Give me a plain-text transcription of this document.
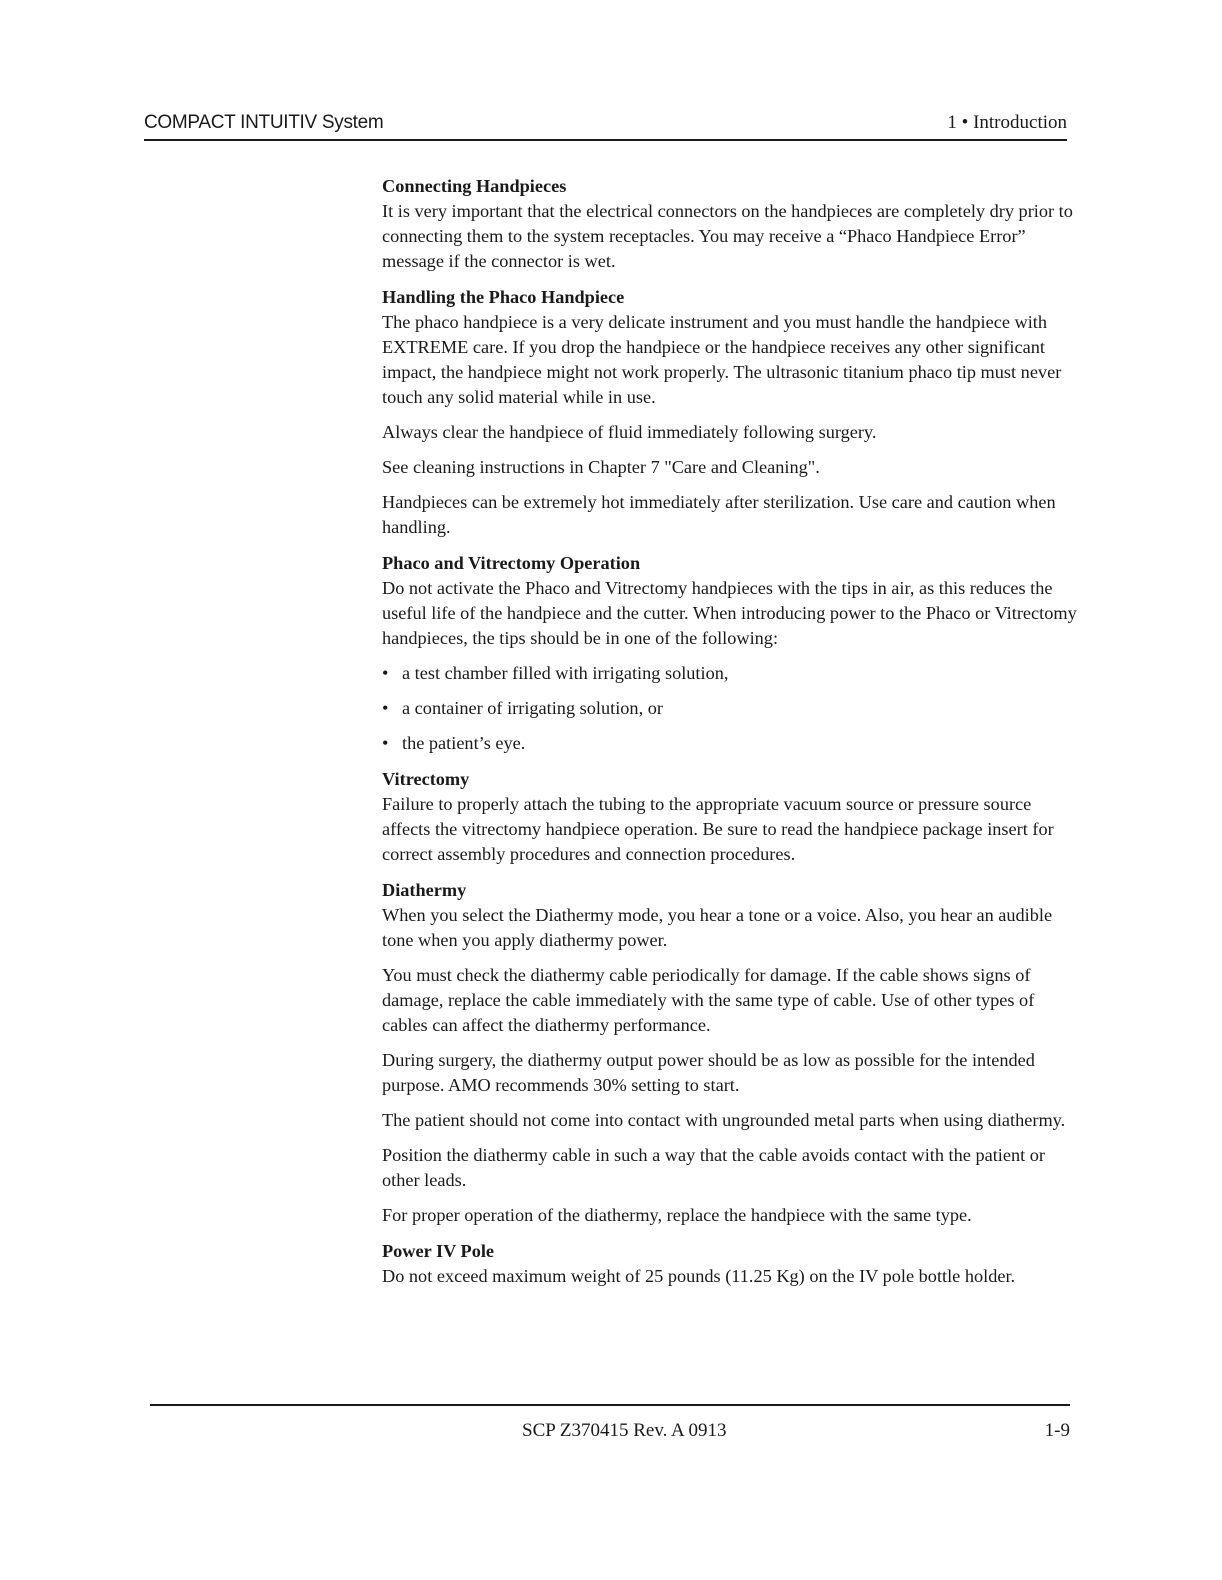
COMPACT INTUITIV System	1 • Introduction
Connecting Handpieces

It is very important that the electrical connectors on the handpieces are completely dry prior to connecting them to the system receptacles. You may receive a “Phaco Handpiece Error” message if the connector is wet.

Handling the Phaco Handpiece

The phaco handpiece is a very delicate instrument and you must handle the handpiece with EXTREME care. If you drop the handpiece or the handpiece receives any other significant impact, the handpiece might not work properly. The ultrasonic titanium phaco tip must never touch any solid material while in use.

Always clear the handpiece of fluid immediately following surgery.

See cleaning instructions in Chapter 7 "Care and Cleaning".

Handpieces can be extremely hot immediately after sterilization. Use care and caution when handling.

Phaco and Vitrectomy Operation

Do not activate the Phaco and Vitrectomy handpieces with the tips in air, as this reduces the useful life of the handpiece and the cutter. When introducing power to the Phaco or Vitrectomy handpieces, the tips should be in one of the following:

• a test chamber filled with irrigating solution,
• a container of irrigating solution, or
• the patient’s eye.
Vitrectomy

Failure to properly attach the tubing to the appropriate vacuum source or pressure source affects the vitrectomy handpiece operation. Be sure to read the handpiece package insert for correct assembly procedures and connection procedures.

Diathermy

When you select the Diathermy mode, you hear a tone or a voice. Also, you hear an audible tone when you apply diathermy power.

You must check the diathermy cable periodically for damage. If the cable shows signs of damage, replace the cable immediately with the same type of cable. Use of other types of cables can affect the diathermy performance.

During surgery, the diathermy output power should be as low as possible for the intended purpose. AMO recommends 30% setting to start.

The patient should not come into contact with ungrounded metal parts when using diathermy.

Position the diathermy cable in such a way that the cable avoids contact with the patient or other leads.

For proper operation of the diathermy, replace the handpiece with the same type.

Power IV Pole

Do not exceed maximum weight of 25 pounds (11.25 Kg) on the IV pole bottle holder.

SCP Z370415 Rev. A 0913	1-9
